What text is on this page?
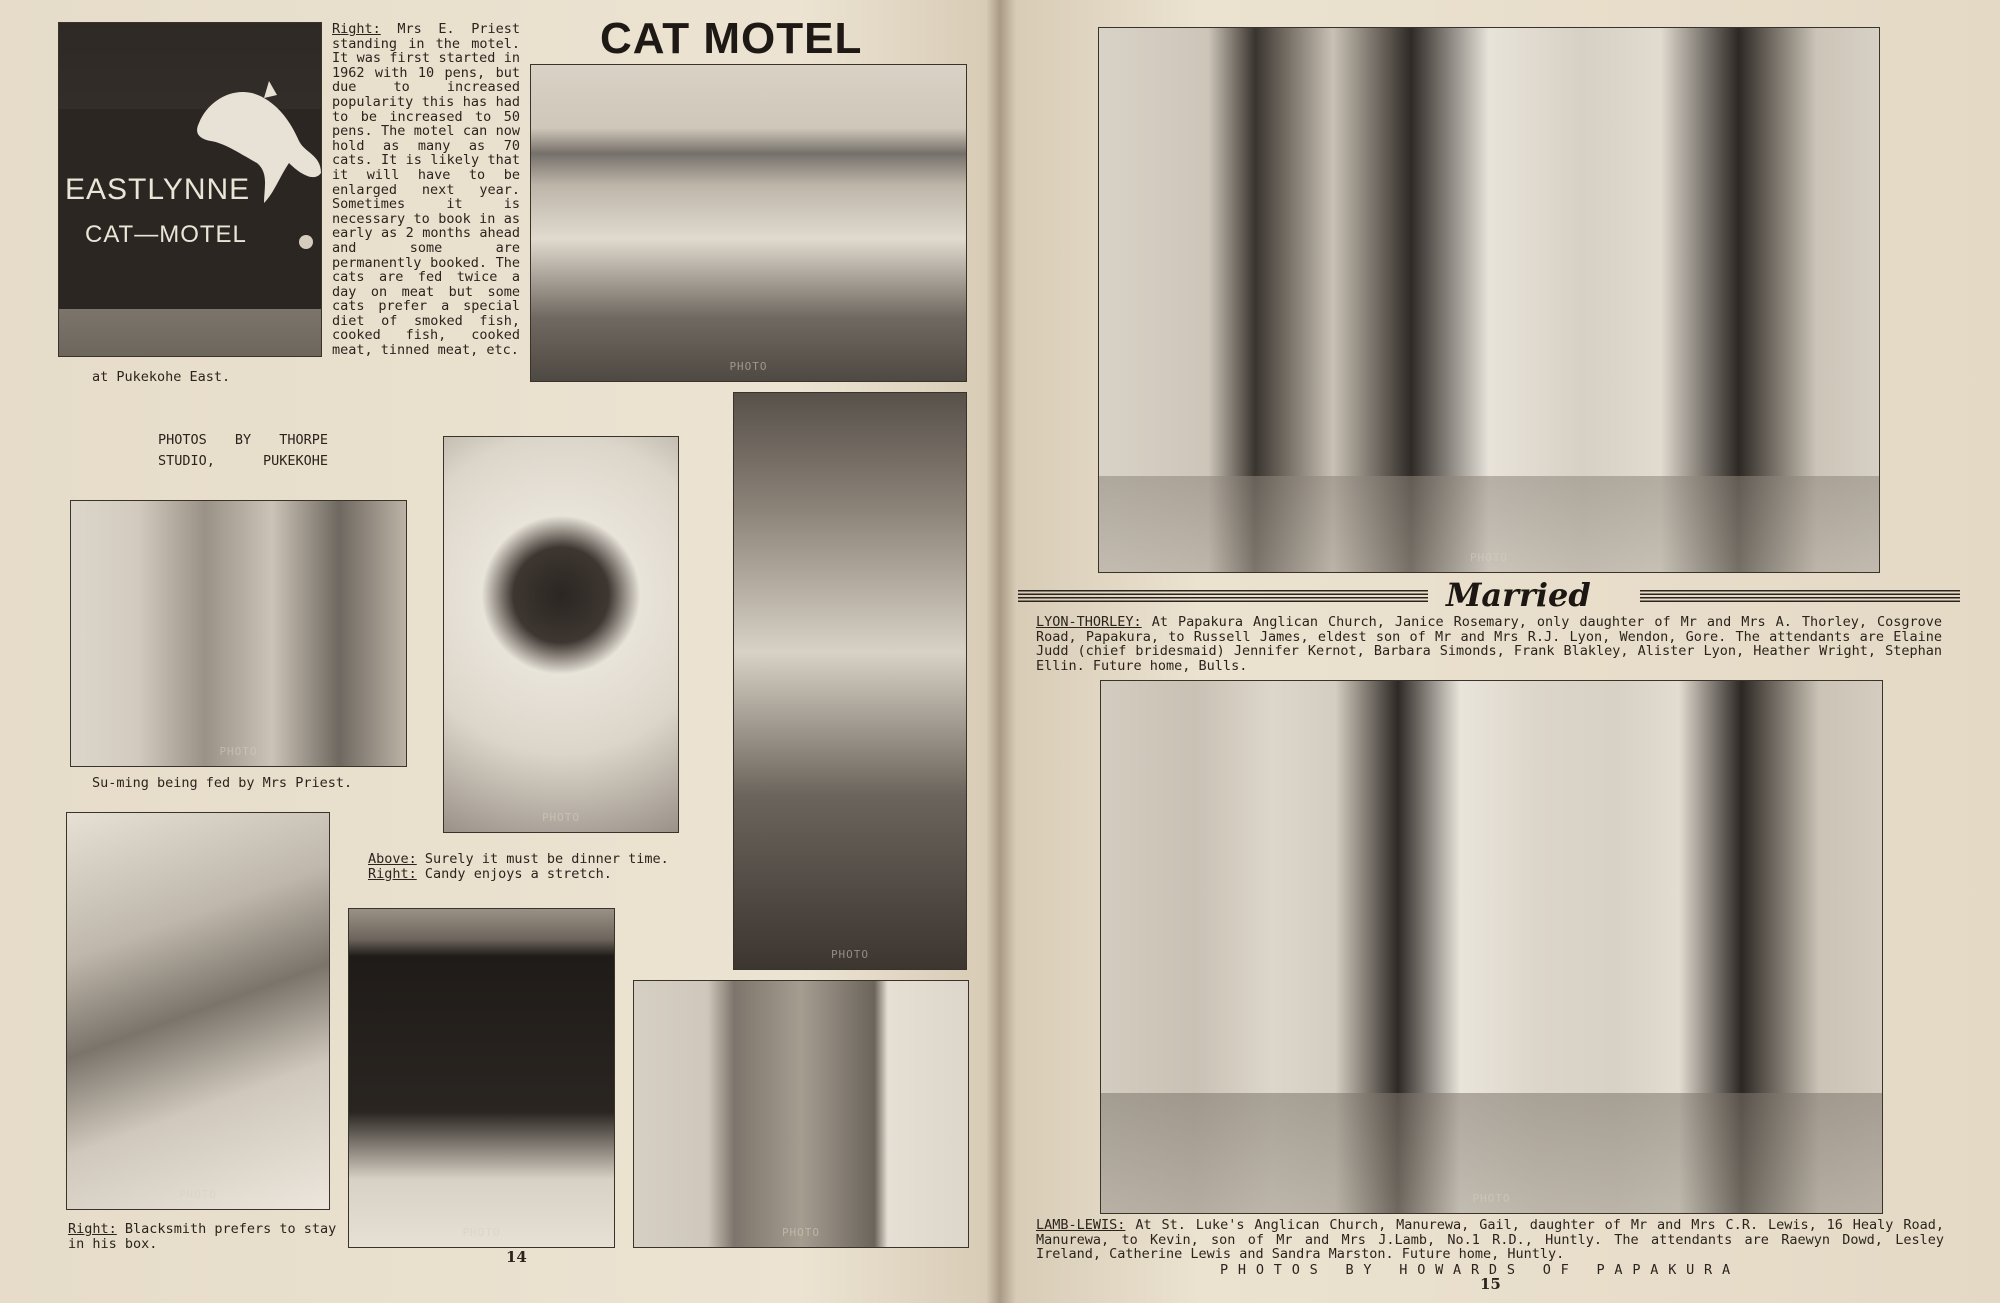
EASTLYNNE
CAT—MOTEL
at Pukekohe East.
Right: Mrs E. Priest standing in the motel. It was first started in 1962 with 10 pens, but due to increased popularity this has had to be increased to 50 pens. The motel can now hold as many as 70 cats. It is likely that it will have to be enlarged next year. Sometimes it is necessary to book in as early as 2 months ahead and some are permanently booked. The cats are fed twice a day on meat but some cats prefer a special diet of smoked fish, cooked fish, cooked meat, tinned meat, etc.
CAT MOTEL
PHOTO
PHOTOS BY THORPE
STUDIO, PUKEKOHE
PHOTO
Su-ming being fed by Mrs Priest.
PHOTO
PHOTO
Above: Surely it must be dinner time.
Right: Candy enjoys a stretch.
PHOTO
Right: Blacksmith prefers to stay in his box.
PHOTO	PHOTO
14
PHOTO
Married
LYON-THORLEY: At Papakura Anglican Church, Janice Rosemary, only daughter of Mr and Mrs A. Thorley, Cosgrove Road, Papakura, to Russell James, eldest son of Mr and Mrs R.J. Lyon, Wendon, Gore. The attendants are Elaine Judd (chief bridesmaid) Jennifer Kernot, Barbara Simonds, Frank Blakley, Alister Lyon, Heather Wright, Stephan Ellin. Future home, Bulls.
PHOTO
LAMB-LEWIS: At St. Luke's Anglican Church, Manurewa, Gail, daughter of Mr and Mrs C.R. Lewis, 16 Healy Road, Manurewa, to Kevin, son of Mr and Mrs J.Lamb, No.1 R.D., Huntly. The attendants are Raewyn Dowd, Lesley Ireland, Catherine Lewis and Sandra Marston. Future home, Huntly.
PHOTOS BY HOWARDS OF PAPAKURA
15
